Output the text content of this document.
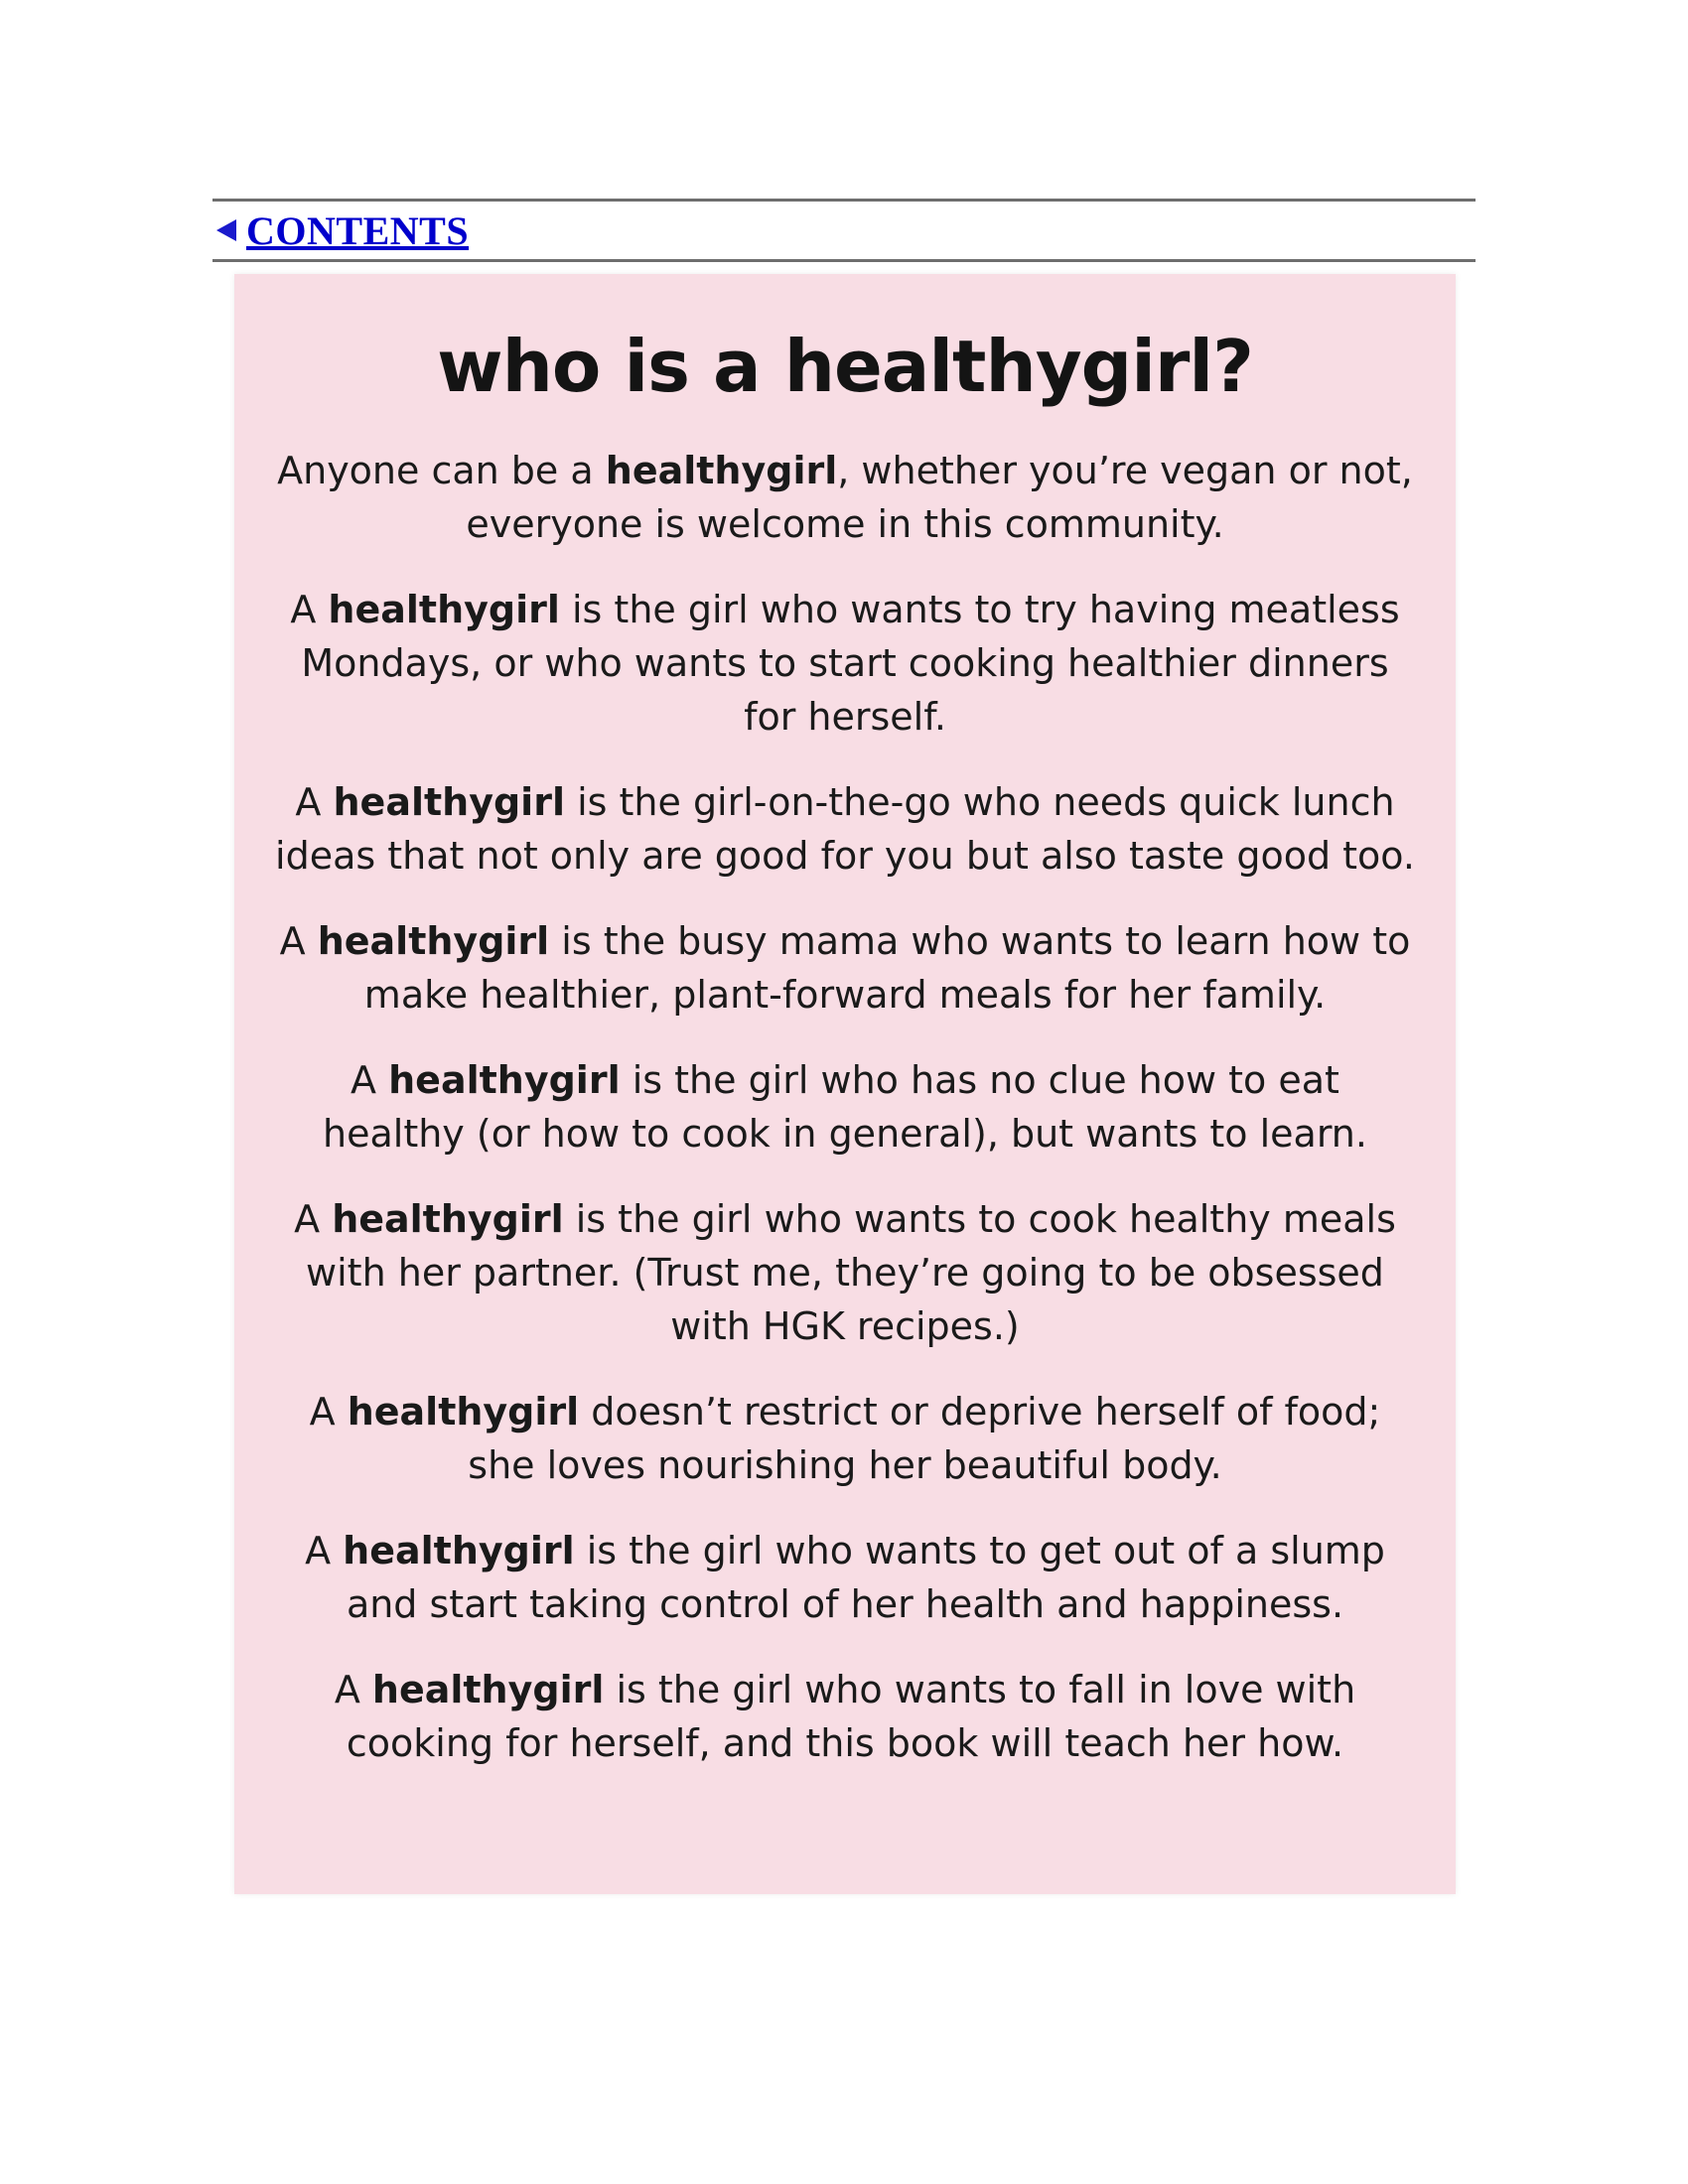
CONTENTS
who is a healthygirl?

Anyone can be a healthygirl, whether you’re vegan or not, everyone is welcome in this community.

A healthygirl is the girl who wants to try having meatless Mondays, or who wants to start cooking healthier dinners for herself.

A healthygirl is the girl-on-the-go who needs quick lunch ideas that not only are good for you but also taste good too.

A healthygirl is the busy mama who wants to learn how to make healthier, plant-forward meals for her family.

A healthygirl is the girl who has no clue how to eat healthy (or how to cook in general), but wants to learn.

A healthygirl is the girl who wants to cook healthy meals with her partner. (Trust me, they’re going to be obsessed with HGK recipes.)

A healthygirl doesn’t restrict or deprive herself of food; she loves nourishing her beautiful body.

A healthygirl is the girl who wants to get out of a slump and start taking control of her health and happiness.

A healthygirl is the girl who wants to fall in love with cooking for herself, and this book will teach her how.
